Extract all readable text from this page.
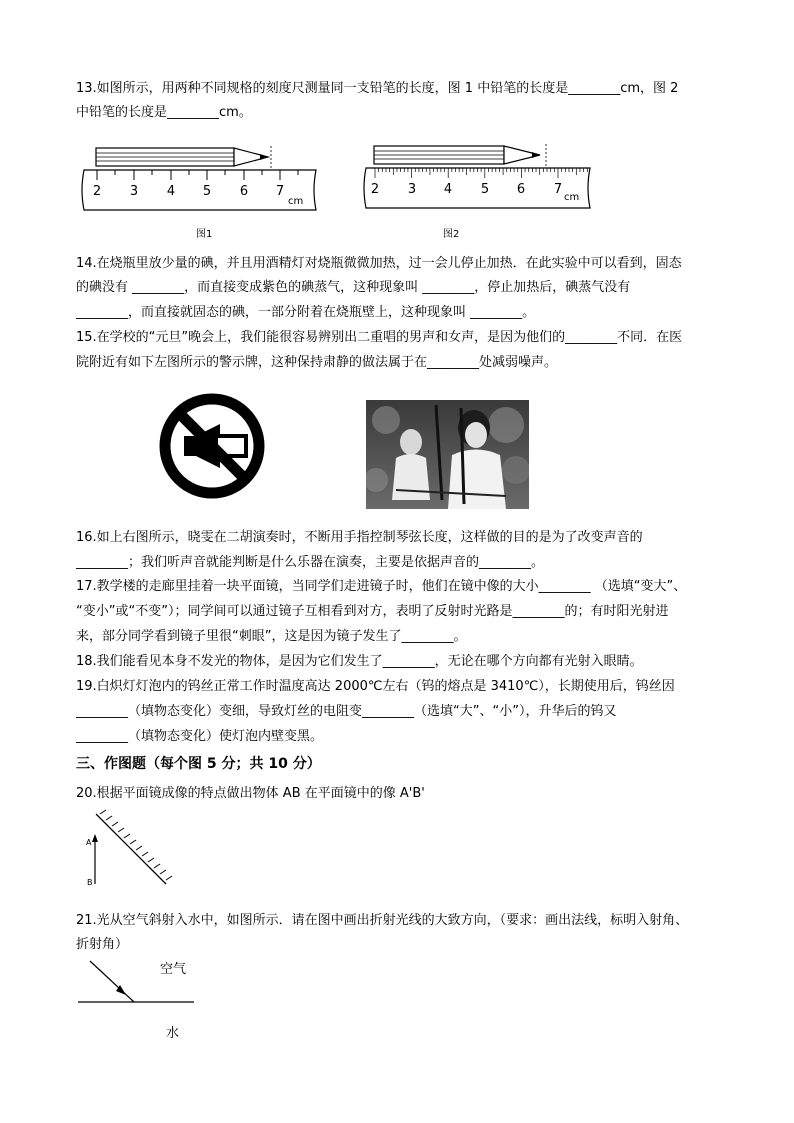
13.如图所示，用两种不同规格的刻度尺测量同一支铅笔的长度，图 1 中铅笔的长度是________cm，图 2
中铅笔的长度是________cm。
2 3 4 5 6 7
cm
图1
2 3 4 5 6 7
cm
图2
14.在烧瓶里放少量的碘，并且用酒精灯对烧瓶微微加热，过一会儿停止加热．在此实验中可以看到，固态
的碘没有 ________，而直接变成紫色的碘蒸气，这种现象叫 ________，停止加热后，碘蒸气没有
________，而直接就固态的碘，一部分附着在烧瓶壁上，这种现象叫 ________。
15.在学校的“元旦”晚会上，我们能很容易辨别出二重唱的男声和女声，是因为他们的________不同．在医
院附近有如下左图所示的警示牌，这种保持肃静的做法属于在________处减弱噪声。
16.如上右图所示，晓雯在二胡演奏时，不断用手指控制琴弦长度，这样做的目的是为了改变声音的
________；我们听声音就能判断是什么乐器在演奏，主要是依据声音的________。
17.教学楼的走廊里挂着一块平面镜，当同学们走进镜子时，他们在镜中像的大小________ （选填“变大”、
“变小”或“不变”）；同学间可以通过镜子互相看到对方，表明了反射时光路是________的；有时阳光射进
来，部分同学看到镜子里很“刺眼”，这是因为镜子发生了________。
18.我们能看见本身不发光的物体，是因为它们发生了________，无论在哪个方向都有光射入眼睛。
19.白炽灯灯泡内的钨丝正常工作时温度高达 2000℃左右（钨的熔点是 3410℃），长期使用后，钨丝因
________（填物态变化）变细，导致灯丝的电阻变________（选填“大”、“小”），升华后的钨又
________（填物态变化）使灯泡内壁变黑。
三、作图题（每个图 5 分；共 10 分）
20.根据平面镜成像的特点做出物体 AB 在平面镜中的像 A'B'
A
B
21.光从空气斜射入水中，如图所示．请在图中画出折射光线的大致方向，（要求：画出法线，标明入射角、
折射角）
空气
水
